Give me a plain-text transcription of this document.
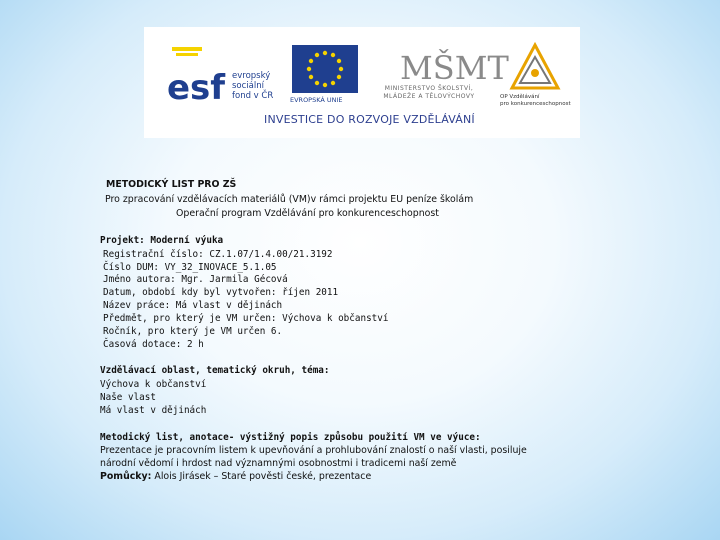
esf evropský
sociální
fond v ČR	EVROPSKÁ UNIE
MŠMT
MINISTERSTVO ŠKOLSTVÍ,
MLÁDEŽE A TĚLOVÝCHOVY	OP Vzdělávání
pro konkurenceschopnost
INVESTICE DO ROZVOJE VZDĚLÁVÁNÍ
METODICKÝ LIST PRO ZŠ
Pro zpracování vzdělávacích materiálů (VM)v rámci projektu EU peníze školám
Operační program Vzdělávání pro konkurenceschopnost
Projekt: Moderní výuka
Registrační číslo: CZ.1.07/1.4.00/21.3192
Číslo DUM: VY_32_INOVACE_5.1.05
Jméno autora: Mgr. Jarmila Gécová
Datum, období kdy byl vytvořen: říjen 2011
Název práce: Má vlast v dějinách
Předmět, pro který je VM určen: Výchova k občanství
Ročník, pro který je VM určen 6.
Časová dotace: 2 h
Vzdělávací oblast, tematický okruh, téma:
Výchova k občanství
Naše vlast
Má vlast v dějinách
Metodický list, anotace- výstižný popis způsobu použití VM ve výuce:
Prezentace je pracovním listem k upevňování a prohlubování znalostí o naší vlasti, posiluje
národní vědomí i hrdost nad významnými osobnostmi i tradicemi naší země
Pomůcky: Alois Jirásek – Staré pověsti české, prezentace
